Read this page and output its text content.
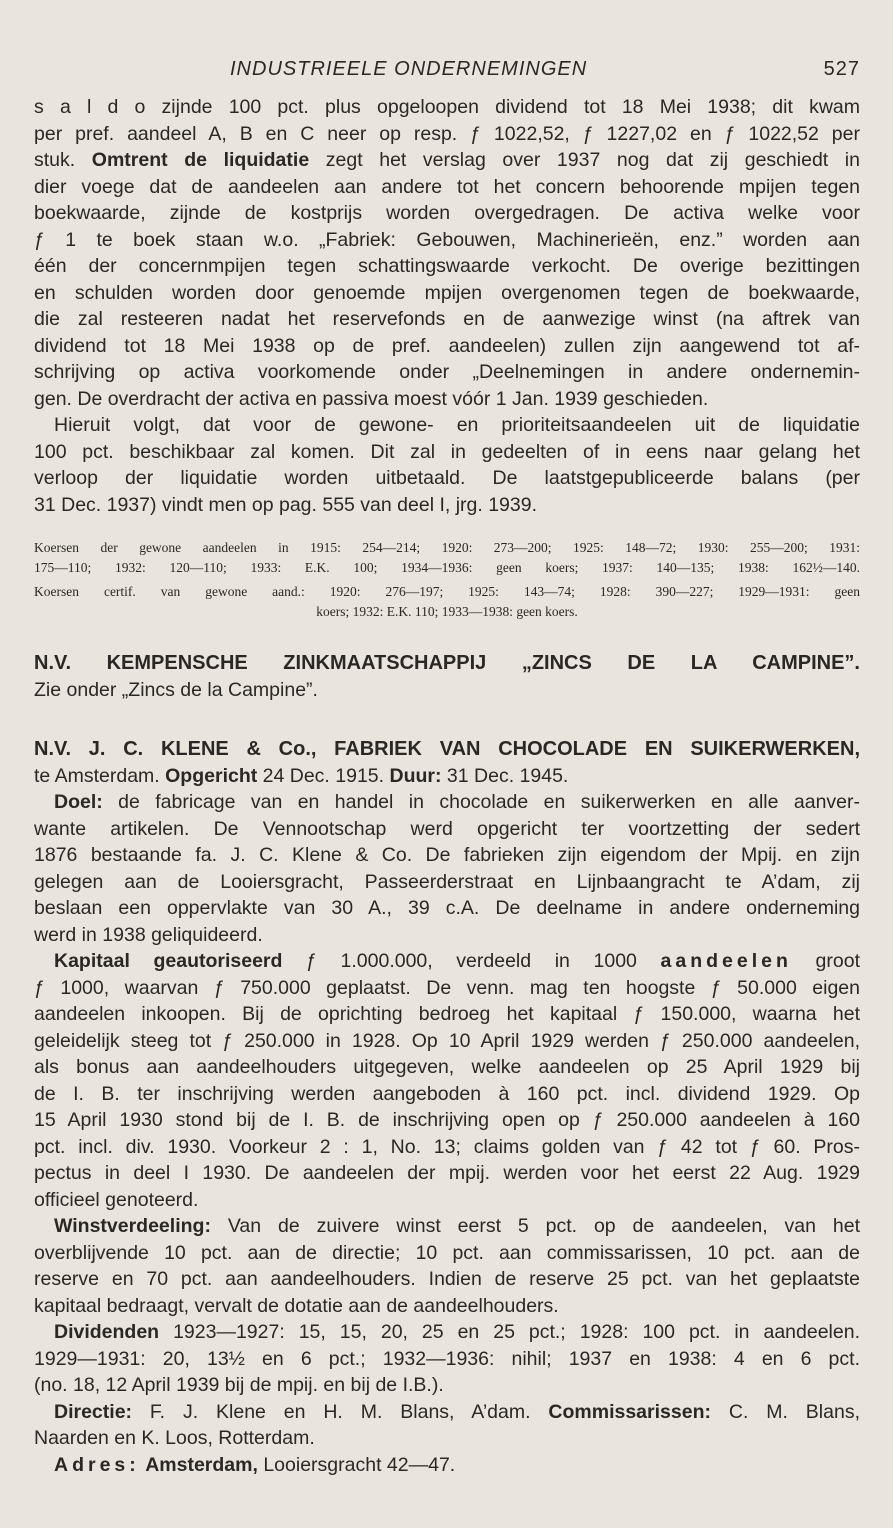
INDUSTRIEELE ONDERNEMINGEN	527
s a l d o zijnde 100 pct. plus opgeloopen dividend tot 18 Mei 1938; dit kwam
per pref. aandeel A, B en C neer op resp. ƒ 1022,52, ƒ 1227,02 en ƒ 1022,52 per
stuk. Omtrent de liquidatie zegt het verslag over 1937 nog dat zij geschiedt in
dier voege dat de aandeelen aan andere tot het concern behoorende mpijen tegen
boekwaarde, zijnde de kostprijs worden overgedragen. De activa welke voor
ƒ 1 te boek staan w.o. „Fabriek: Gebouwen, Machinerieën, enz.” worden aan
één der concernmpijen tegen schattingswaarde verkocht. De overige bezittingen
en schulden worden door genoemde mpijen overgenomen tegen de boekwaarde,
die zal resteeren nadat het reservefonds en de aanwezige winst (na aftrek van
dividend tot 18 Mei 1938 op de pref. aandeelen) zullen zijn aangewend tot af-
schrijving op activa voorkomende onder „Deelnemingen in andere ondernemin-
gen. De overdracht der activa en passiva moest vóór 1 Jan. 1939 geschieden.
Hieruit volgt, dat voor de gewone- en prioriteitsaandeelen uit de liquidatie
100 pct. beschikbaar zal komen. Dit zal in gedeelten of in eens naar gelang het
verloop der liquidatie worden uitbetaald. De laatstgepubliceerde balans (per
31 Dec. 1937) vindt men op pag. 555 van deel I, jrg. 1939.
Koersen der gewone aandeelen in 1915: 254—214; 1920: 273—200; 1925: 148—72; 1930: 255—200; 1931:
175—110; 1932: 120—110; 1933: E.K. 100; 1934—1936: geen koers; 1937: 140—135; 1938: 162½—140.
Koersen certif. van gewone aand.: 1920: 276—197; 1925: 143—74; 1928: 390—227; 1929—1931: geen
koers; 1932: E.K. 110; 1933—1938: geen koers.
N.V. KEMPENSCHE ZINKMAATSCHAPPIJ „ZINCS DE LA CAMPINE”.
Zie onder „Zincs de la Campine”.
N.V. J. C. KLENE & Co., FABRIEK VAN CHOCOLADE EN SUIKERWERKEN,
te Amsterdam. Opgericht 24 Dec. 1915. Duur: 31 Dec. 1945.
Doel: de fabricage van en handel in chocolade en suikerwerken en alle aanver-
wante artikelen. De Vennootschap werd opgericht ter voortzetting der sedert
1876 bestaande fa. J. C. Klene & Co. De fabrieken zijn eigendom der Mpij. en zijn
gelegen aan de Looiersgracht, Passeerderstraat en Lijnbaangracht te A’dam, zij
beslaan een oppervlakte van 30 A., 39 c.A. De deelname in andere onderneming
werd in 1938 geliquideerd.
Kapitaal geautoriseerd ƒ 1.000.000, verdeeld in 1000 aandeelen groot
ƒ 1000, waarvan ƒ 750.000 geplaatst. De venn. mag ten hoogste ƒ 50.000 eigen
aandeelen inkoopen. Bij de oprichting bedroeg het kapitaal ƒ 150.000, waarna het
geleidelijk steeg tot ƒ 250.000 in 1928. Op 10 April 1929 werden ƒ 250.000 aandeelen,
als bonus aan aandeelhouders uitgegeven, welke aandeelen op 25 April 1929 bij
de I. B. ter inschrijving werden aangeboden à 160 pct. incl. dividend 1929. Op
15 April 1930 stond bij de I. B. de inschrijving open op ƒ 250.000 aandeelen à 160
pct. incl. div. 1930. Voorkeur 2 : 1, No. 13; claims golden van ƒ 42 tot ƒ 60. Pros-
pectus in deel I 1930. De aandeelen der mpij. werden voor het eerst 22 Aug. 1929
officieel genoteerd.
Winstverdeeling: Van de zuivere winst eerst 5 pct. op de aandeelen, van het
overblijvende 10 pct. aan de directie; 10 pct. aan commissarissen, 10 pct. aan de
reserve en 70 pct. aan aandeelhouders. Indien de reserve 25 pct. van het geplaatste
kapitaal bedraagt, vervalt de dotatie aan de aandeelhouders.
Dividenden 1923—1927: 15, 15, 20, 25 en 25 pct.; 1928: 100 pct. in aandeelen.
1929—1931: 20, 13½ en 6 pct.; 1932—1936: nihil; 1937 en 1938: 4 en 6 pct.
(no. 18, 12 April 1939 bij de mpij. en bij de I.B.).
Directie: F. J. Klene en H. M. Blans, A’dam. Commissarissen: C. M. Blans,
Naarden en K. Loos, Rotterdam.
Adres: Amsterdam, Looiersgracht 42—47.
